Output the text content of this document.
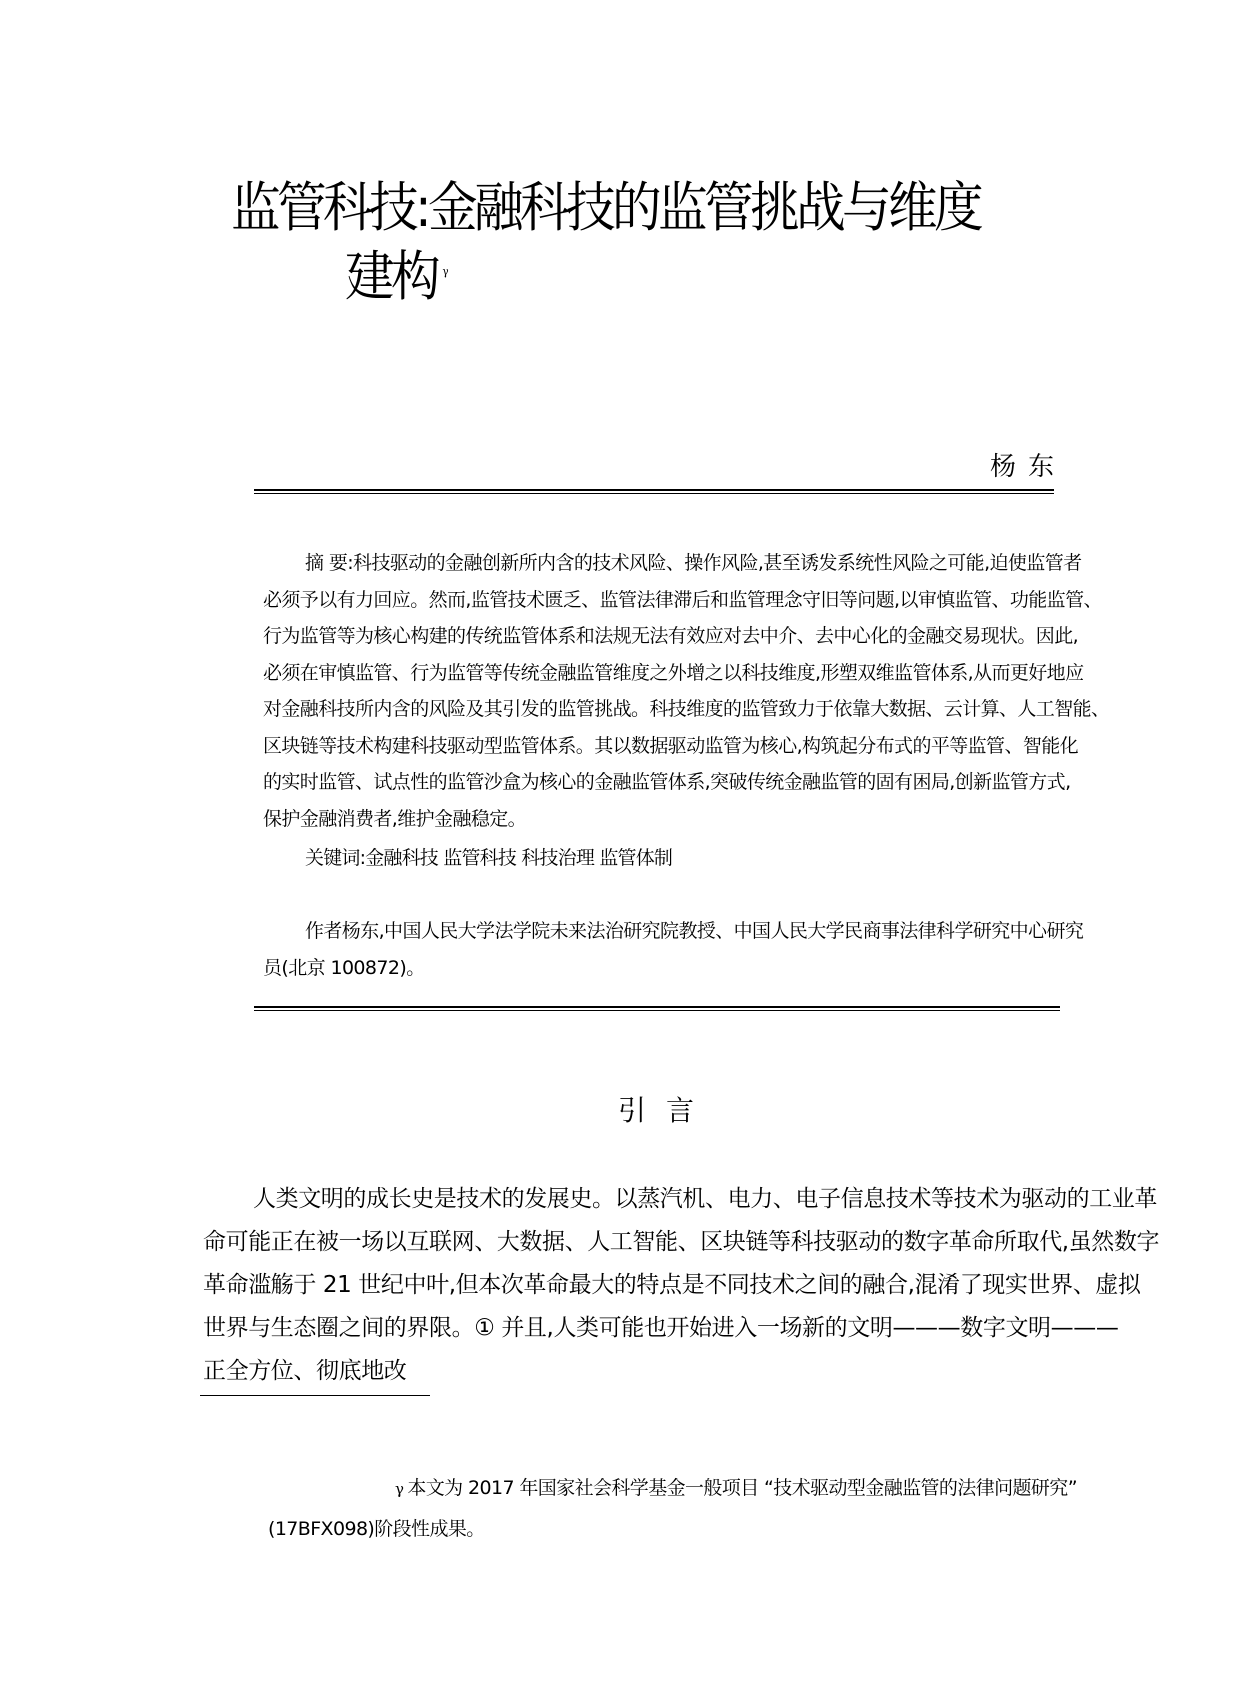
监管科技:金融科技的监管挑战与维度
建构 $^\gamma$
杨东

摘 要:科技驱动的金融创新所内含的技术风险、操作风险,甚至诱发系统性风险之可能,迫使监管者

必须予以有力回应。然而,监管技术匮乏、监管法律滞后和监管理念守旧等问题,以审慎监管、功能监管、

行为监管等为核心构建的传统监管体系和法规无法有效应对去中介、去中心化的金融交易现状。因此,

必须在审慎监管、行为监管等传统金融监管维度之外增之以科技维度,形塑双维监管体系,从而更好地应

对金融科技所内含的风险及其引发的监管挑战。科技维度的监管致力于依靠大数据、云计算、人工智能、

区块链等技术构建科技驱动型监管体系。其以数据驱动监管为核心,构筑起分布式的平等监管、智能化

的实时监管、试点性的监管沙盒为核心的金融监管体系,突破传统金融监管的固有困局,创新监管方式,

保护金融消费者,维护金融稳定。

关键词:金融科技 监管科技 科技治理 监管体制

作者杨东,中国人民大学法学院未来法治研究院教授、中国人民大学民商事法律科学研究中心研究

员(北京 100872)。

引言

人类文明的成长史是技术的发展史。以蒸汽机、电力、电子信息技术等技术为驱动的工业革

命可能正在被一场以互联网、大数据、人工智能、区块链等科技驱动的数字革命所取代,虽然数字

革命滥觞于 21 世纪中叶,但本次革命最大的特点是不同技术之间的融合,混淆了现实世界、虚拟

世界与生态圈之间的界限。① 并且,人类可能也开始进入一场新的文明———数字文明———

正全方位、彻底地改

γ 本文为 2017 年国家社会科学基金一般项目 “技术驱动型金融监管的法律问题研究”

(17BFX098)阶段性成果。
